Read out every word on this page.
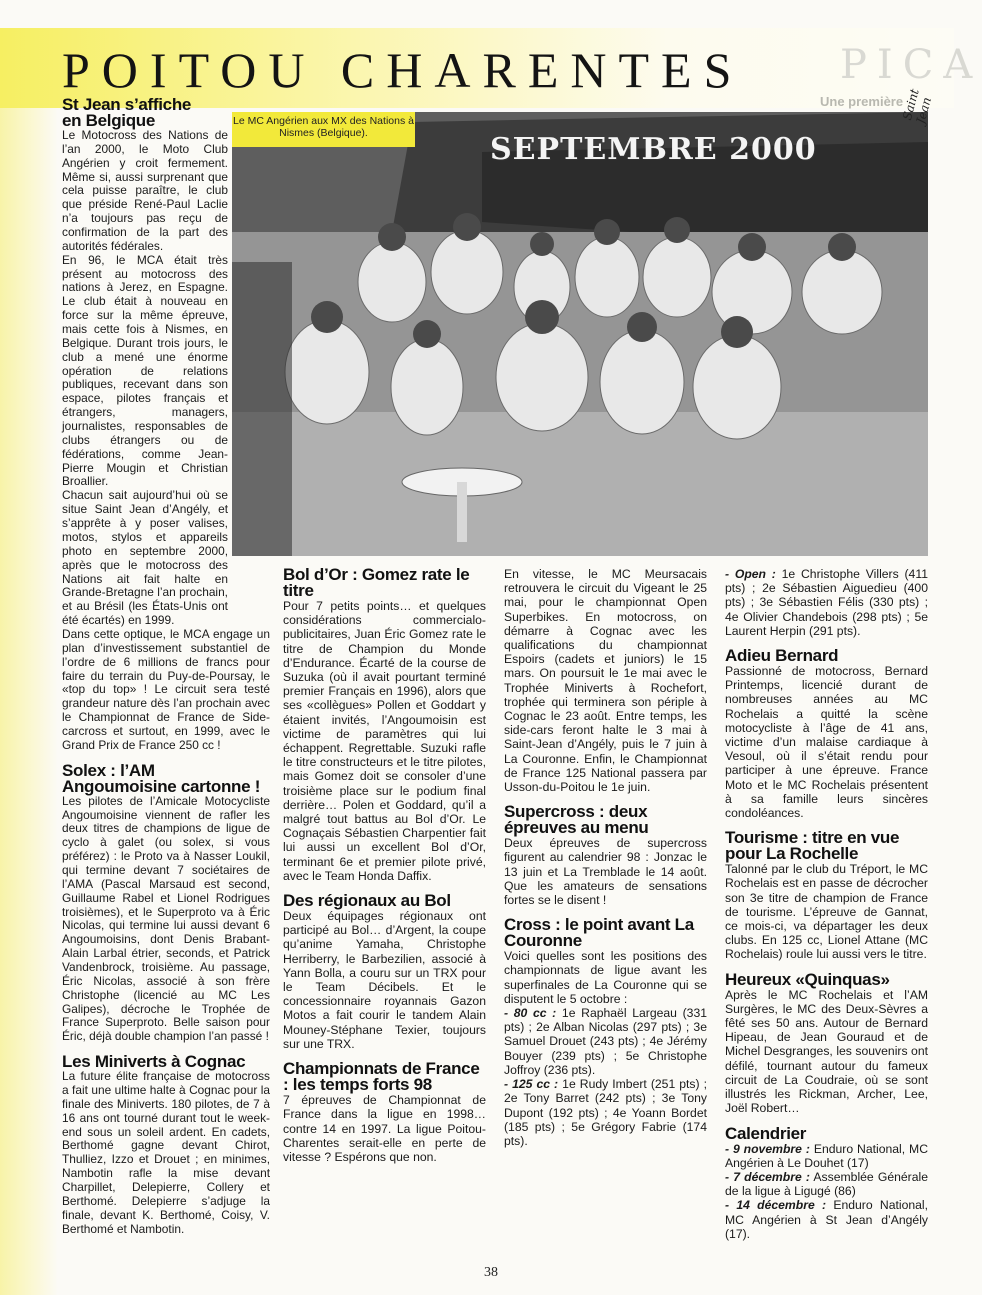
PICA
Une première
POITOU CHARENTES
SEPTEMBRE 2000
Saint Jean
Le MC Angérien aux MX des Nations à Nismes (Belgique).
St Jean s’affiche en Belgique

Le Motocross des Nations de l’an 2000, le Moto Club Angérien y croit fermement. Même si, aussi surprenant que cela puisse paraître, le club que préside René-Paul Laclie n’a toujours pas reçu de confirmation de la part des autorités fédérales.

En 96, le MCA était très présent au motocross des nations à Jerez, en Espagne. Le club était à nouveau en force sur la même épreuve, mais cette fois à Nismes, en Belgique. Durant trois jours, le club a mené une énorme opération de relations publiques, recevant dans son espace, pilotes français et étrangers, managers, journalistes, responsables de clubs étrangers ou de fédérations, comme Jean-Pierre Mougin et Christian Broallier.

Chacun sait aujourd’hui où se situe Saint Jean d’Angély, et s’apprête à y poser valises, motos, stylos et appareils photo en septembre 2000, après que le motocross des Nations ait fait halte en Grande-Bretagne l’an prochain, et au Brésil (les États-Unis ont été écartés) en 1999.

Dans cette optique, le MCA engage un plan d’investissement substantiel de l’ordre de 6 millions de francs pour faire du terrain du Puy-de-Poursay, le «top du top» ! Le circuit sera testé grandeur nature dès l’an prochain avec le Championnat de France de Side-carcross et surtout, en 1999, avec le Grand Prix de France 250 cc !

Solex : l’AM Angoumoisine cartonne !

Les pilotes de l’Amicale Motocycliste Angoumoisine viennent de rafler les deux titres de champions de ligue de cyclo à galet (ou solex, si vous préférez) : le Proto va à Nasser Loukil, qui termine devant 7 sociétaires de l’AMA (Pascal Marsaud est second, Guillaume Rabel et Lionel Rodrigues troisièmes), et le Superproto va à Éric Nicolas, qui termine lui aussi devant 6 Angoumoisins, dont Denis Brabant-Alain Larbal étrier, seconds, et Patrick Vandenbrock, troisième. Au passage, Éric Nicolas, associé à son frère Christophe (licencié au MC Les Galipes), décroche le Trophée de France Superproto. Belle saison pour Éric, déjà double champion l’an passé !

Les Miniverts à Cognac

La future élite française de motocross a fait une ultime halte à Cognac pour la finale des Miniverts. 180 pilotes, de 7 à 16 ans ont tourné durant tout le week-end sous un soleil ardent. En cadets, Berthomé gagne devant Chirot, Thulliez, Izzo et Drouet ; en minimes, Nambotin rafle la mise devant Charpillet, Delepierre, Collery et Berthomé. Delepierre s’adjuge la finale, devant K. Berthomé, Coisy, V. Berthomé et Nambotin.

Bol d’Or : Gomez rate le titre

Pour 7 petits points… et quelques considérations commercialo-publicitaires, Juan Éric Gomez rate le titre de Champion du Monde d’Endurance. Écarté de la course de Suzuka (où il avait pourtant terminé premier Français en 1996), alors que ses «collègues» Pollen et Goddart y étaient invités, l’Angoumoisin est victime de paramètres qui lui échappent. Regrettable. Suzuki rafle le titre constructeurs et le titre pilotes, mais Gomez doit se consoler d’une troisième place sur le podium final derrière… Polen et Goddard, qu’il a malgré tout battus au Bol d’Or. Le Cognaçais Sébastien Charpentier fait lui aussi un excellent Bol d’Or, terminant 6e et premier pilote privé, avec le Team Honda Daffix.

Des régionaux au Bol

Deux équipages régionaux ont participé au Bol… d’Argent, la coupe qu’anime Yamaha, Christophe Herriberry, le Barbezilien, associé à Yann Bolla, a couru sur un TRX pour le Team Décibels. Et le concessionnaire royannais Gazon Motos a fait courir le tandem Alain Mouney-Stéphane Texier, toujours sur une TRX.

Championnats de France : les temps forts 98

7 épreuves de Championnat de France dans la ligue en 1998… contre 14 en 1997. La ligue Poitou-Charentes serait-elle en perte de vitesse ? Espérons que non.

En vitesse, le MC Meursacais retrouvera le circuit du Vigeant le 25 mai, pour le championnat Open Superbikes. En motocross, on démarre à Cognac avec les qualifications du championnat Espoirs (cadets et juniors) le 15 mars. On poursuit le 1e mai avec le Trophée Miniverts à Rochefort, trophée qui terminera son périple à Cognac le 23 août. Entre temps, les side-cars feront halte le 3 mai à Saint-Jean d’Angély, puis le 7 juin à La Couronne. Enfin, le Championnat de France 125 National passera par Usson-du-Poitou le 1e juin.

Supercross : deux épreuves au menu

Deux épreuves de supercross figurent au calendrier 98 : Jonzac le 13 juin et La Tremblade le 14 août. Que les amateurs de sensations fortes se le disent !

Cross : le point avant La Couronne

Voici quelles sont les positions des championnats de ligue avant les superfinales de La Couronne qui se disputent le 5 octobre :

- 80 cc : 1e Raphaël Largeau (331 pts) ; 2e Alban Nicolas (297 pts) ; 3e Samuel Drouet (243 pts) ; 4e Jérémy Bouyer (239 pts) ; 5e Christophe Joffroy (236 pts).

- 125 cc : 1e Rudy Imbert (251 pts) ; 2e Tony Barret (242 pts) ; 3e Tony Dupont (192 pts) ; 4e Yoann Bordet (185 pts) ; 5e Grégory Fabrie (174 pts).

- Open : 1e Christophe Villers (411 pts) ; 2e Sébastien Aiguedieu (400 pts) ; 3e Sébastien Félis (330 pts) ; 4e Olivier Chandebois (298 pts) ; 5e Laurent Herpin (291 pts).

Adieu Bernard

Passionné de motocross, Bernard Printemps, licencié durant de nombreuses années au MC Rochelais a quitté la scène motocycliste à l’âge de 41 ans, victime d’un malaise cardiaque à Vesoul, où il s’était rendu pour participer à une épreuve. France Moto et le MC Rochelais présentent à sa famille leurs sincères condoléances.

Tourisme : titre en vue pour La Rochelle

Talonné par le club du Tréport, le MC Rochelais est en passe de décrocher son 3e titre de champion de France de tourisme. L’épreuve de Gannat, ce mois-ci, va départager les deux clubs. En 125 cc, Lionel Attane (MC Rochelais) roule lui aussi vers le titre.

Heureux «Quinquas»

Après le MC Rochelais et l’AM Surgères, le MC des Deux-Sèvres a fêté ses 50 ans. Autour de Bernard Hipeau, de Jean Gouraud et de Michel Desgranges, les souvenirs ont défilé, tournant autour du fameux circuit de La Coudraie, où se sont illustrés les Rickman, Archer, Lee, Joël Robert…

Calendrier

- 9 novembre : Enduro National, MC Angérien à Le Douhet (17)

- 7 décembre : Assemblée Générale de la ligue à Ligugé (86)

- 14 décembre : Enduro National, MC Angérien à St Jean d’Angély (17).

38
